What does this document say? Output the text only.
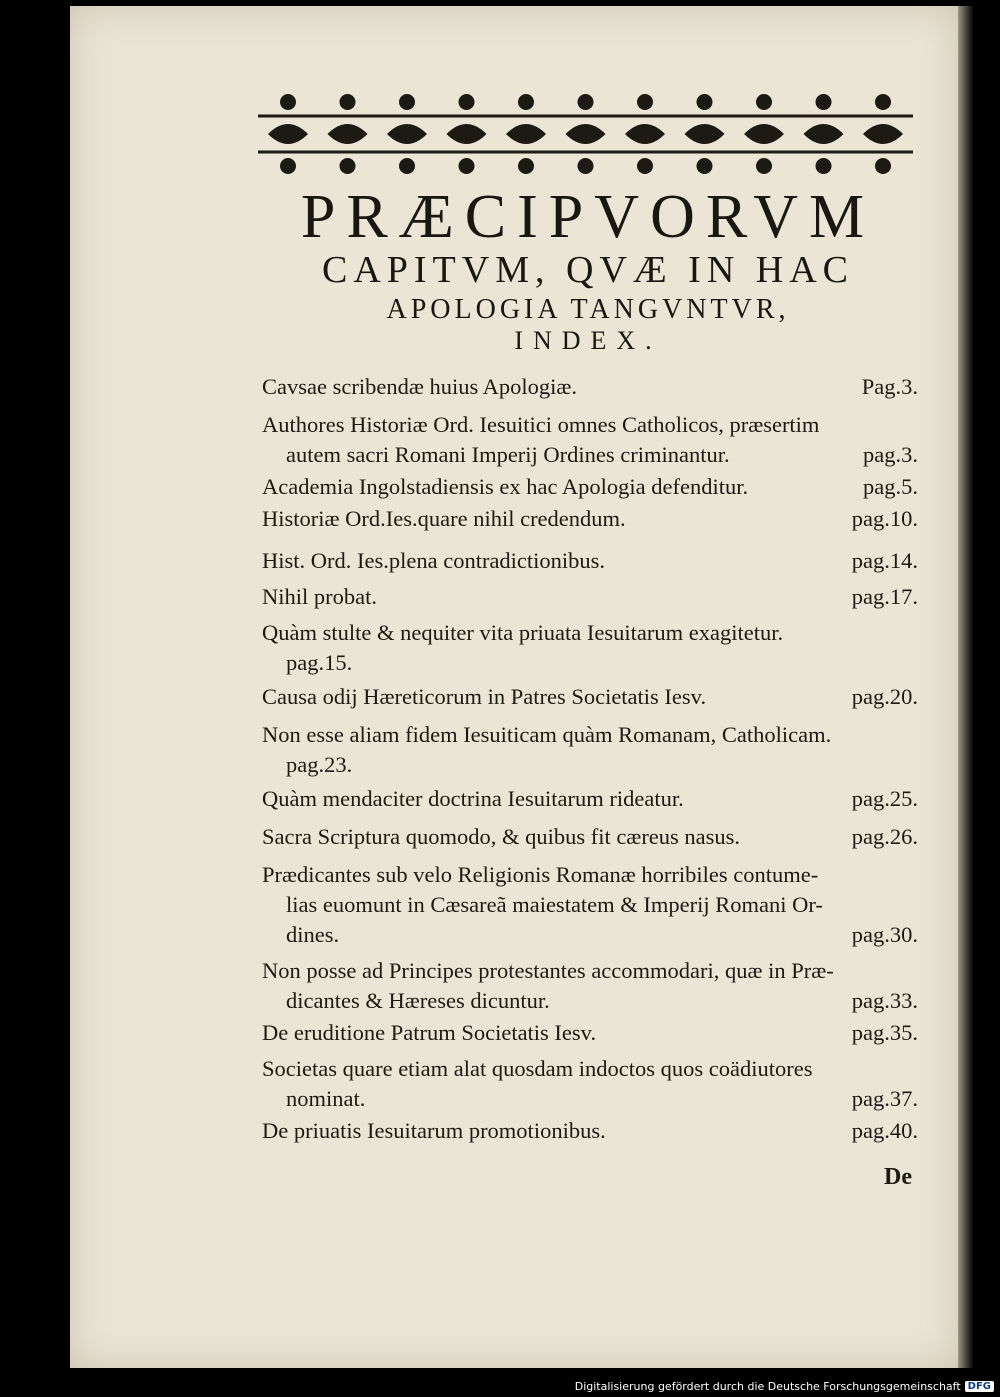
PRÆCIPVORVM
CAPITVM, QVÆ IN HAC
APOLOGIA TANGVNTVR,
INDEX.
Cavsae scribendæ huius Apologiæ.	Pag.3.
Authores Historiæ Ord. Iesuitici omnes Catholicos, præsertim
autem sacri Romani Imperij Ordines criminantur.	pag.3.
Academia Ingolstadiensis ex hac Apologia defenditur.	pag.5.
Historiæ Ord.Ies.quare nihil credendum.	pag.10.
Hist. Ord. Ies.plena contradictionibus.	pag.14.
Nihil probat.	pag.17.
Quàm stulte & nequiter vita priuata Iesuitarum exagitetur.
pag.15.
Causa odij Hæreticorum in Patres Societatis Iesv.	pag.20.
Non esse aliam fidem Iesuiticam quàm Romanam, Catholicam.
pag.23.
Quàm mendaciter doctrina Iesuitarum rideatur.	pag.25.
Sacra Scriptura quomodo, & quibus fit cæreus nasus.	pag.26.
Prædicantes sub velo Religionis Romanæ horribiles contume-
lias euomunt in Cæsareã maiestatem & Imperij Romani Or-
dines.	pag.30.
Non posse ad Principes protestantes accommodari, quæ in Præ-
dicantes & Hæreses dicuntur.	pag.33.
De eruditione Patrum Societatis Iesv.	pag.35.
Societas quare etiam alat quosdam indoctos quos coädiutores
nominat.	pag.37.
De priuatis Iesuitarum promotionibus.	pag.40.
De
Digitalisierung gefördert durch die Deutsche Forschungsgemeinschaft DFG
